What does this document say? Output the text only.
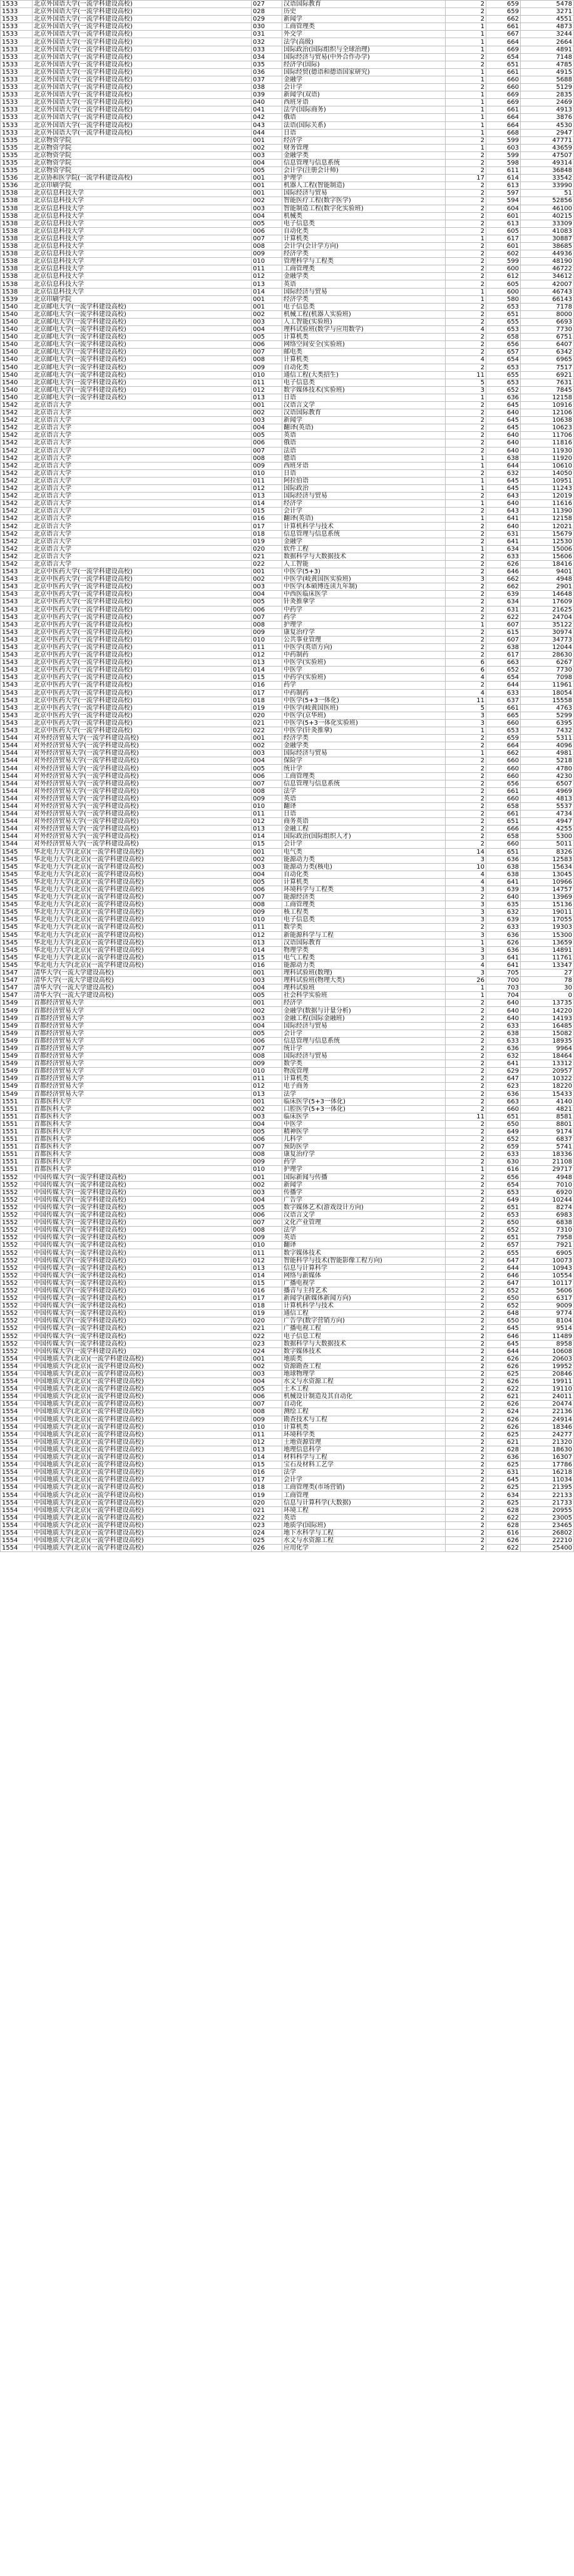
1533	北京外国语大学(一流学科建设高校)	027	汉语国际教育	2	659	5478
1533	北京外国语大学(一流学科建设高校)	028	历史	2	659	3271
1533	北京外国语大学(一流学科建设高校)	029	新闻学	2	662	4551
1533	北京外国语大学(一流学科建设高校)	030	工商管理类	1	661	4873
1533	北京外国语大学(一流学科建设高校)	031	外交学	1	667	3244
1533	北京外国语大学(一流学科建设高校)	032	法学(高级)	1	664	2664
1533	北京外国语大学(一流学科建设高校)	033	国际政治(国际组织与全球治理)	1	669	4891
1533	北京外国语大学(一流学科建设高校)	034	国际经济与贸易(中外合作办学)	2	654	7148
1533	北京外国语大学(一流学科建设高校)	035	经济学(国际)	2	651	4785
1533	北京外国语大学(一流学科建设高校)	036	国际经贸(德语和德语国家研究)	1	661	4915
1533	北京外国语大学(一流学科建设高校)	037	金融学	1	660	5688
1533	北京外国语大学(一流学科建设高校)	038	会计学	2	660	5129
1533	北京外国语大学(一流学科建设高校)	039	新闻学(双语)	1	669	2835
1533	北京外国语大学(一流学科建设高校)	040	西班牙语	1	669	2469
1533	北京外国语大学(一流学科建设高校)	041	法学(国际商务)	1	661	4913
1533	北京外国语大学(一流学科建设高校)	042	俄语	1	664	3876
1533	北京外国语大学(一流学科建设高校)	043	法语(国际关系)	1	664	4530
1533	北京外国语大学(一流学科建设高校)	044	日语	1	668	2947
1535	北京物资学院	001	经济学	2	599	47771
1535	北京物资学院	002	财务管理	1	603	43659
1535	北京物资学院	003	金融学类	2	599	47507
1535	北京物资学院	004	信息管理与信息系统	2	598	49314
1535	北京物资学院	005	会计学(注册会计师)	2	611	36848
1536	北京协和医学院(一流学科建设高校)	001	护理学	17	614	33542
1536	北京印刷学院	001	机器人工程(智能制造)	2	613	33990
1538	北京信息科技大学	001	国际经济与贸易	2	597	51
1538	北京信息科技大学	002	智能医疗工程(数字医学)	2	594	52856
1538	北京信息科技大学	003	智能制造工程(数字化实验班)	2	604	46100
1538	北京信息科技大学	004	机械类	2	601	40215
1538	北京信息科技大学	005	电子信息类	2	613	33309
1538	北京信息科技大学	006	自动化类	2	605	41083
1538	北京信息科技大学	007	计算机类	1	617	30887
1538	北京信息科技大学	008	会计学(会计学方向)	2	601	38685
1538	北京信息科技大学	009	经济学类	2	602	44936
1538	北京信息科技大学	010	管理科学与工程类	2	599	48190
1538	北京信息科技大学	011	工商管理类	2	600	46722
1538	北京信息科技大学	012	金融学类	2	612	34612
1538	北京信息科技大学	013	英语	2	605	42007
1538	北京信息科技大学	014	国际经济与贸易	1	600	46743
1539	北京印刷学院	001	经济学类	1	580	66143
1540	北京邮电大学(一流学科建设高校)	001	电子信息类	2	653	7178
1540	北京邮电大学(一流学科建设高校)	002	机械工程(机器人实验班)	2	651	8000
1540	北京邮电大学(一流学科建设高校)	003	人工智能(实验班)	2	655	6693
1540	北京邮电大学(一流学科建设高校)	004	理科试验班(数学与应用数学)	4	653	7730
1540	北京邮电大学(一流学科建设高校)	005	计算机类	2	658	6751
1540	北京邮电大学(一流学科建设高校)	006	网络空间安全(实验班)	2	656	6407
1540	北京邮电大学(一流学科建设高校)	007	邮电类	2	657	6342
1540	北京邮电大学(一流学科建设高校)	008	计算机类	4	654	6965
1540	北京邮电大学(一流学科建设高校)	009	自动化类	2	653	7517
1540	北京邮电大学(一流学科建设高校)	010	通信工程(大类招生)	11	655	6921
1540	北京邮电大学(一流学科建设高校)	011	电子信息类	5	653	7631
1540	北京邮电大学(一流学科建设高校)	012	数字媒体技术(实验班)	3	652	7845
1540	北京邮电大学(一流学科建设高校)	013	日语	1	636	12158
1542	北京语言大学	001	汉语言文学	2	645	10916
1542	北京语言大学	002	汉语国际教育	2	640	12106
1542	北京语言大学	003	新闻学	2	645	10638
1542	北京语言大学	004	翻译(英语)	2	645	10623
1542	北京语言大学	005	英语	2	640	11706
1542	北京语言大学	006	俄语	2	640	11816
1542	北京语言大学	007	法语	2	640	11930
1542	北京语言大学	008	德语	1	638	11920
1542	北京语言大学	009	西班牙语	1	644	10610
1542	北京语言大学	010	日语	2	632	14050
1542	北京语言大学	011	阿拉伯语	1	645	10951
1542	北京语言大学	012	国际政治	1	645	11243
1542	北京语言大学	013	国际经济与贸易	2	643	12019
1542	北京语言大学	014	经济学	1	640	11616
1542	北京语言大学	015	会计学	2	643	11390
1542	北京语言大学	016	翻译(英语)	1	641	12158
1542	北京语言大学	017	计算机科学与技术	2	640	12021
1542	北京语言大学	018	信息管理与信息系统	2	631	15679
1542	北京语言大学	019	金融学	2	641	12530
1542	北京语言大学	020	软件工程	1	634	15006
1542	北京语言大学	021	数据科学与大数据技术	2	633	15606
1542	北京语言大学	022	人工智能	2	626	18416
1543	北京中医药大学(一流学科建设高校)	001	中医学(5+3)	2	646	9401
1543	北京中医药大学(一流学科建设高校)	002	中医学(岐黄国医实验班)	3	662	4948
1543	北京中医药大学(一流学科建设高校)	003	中医学(本硕博连读九年制)	2	662	2901
1543	北京中医药大学(一流学科建设高校)	004	中西医临床医学	2	639	14648
1543	北京中医药大学(一流学科建设高校)	005	针灸推拿学	2	634	17609
1543	北京中医药大学(一流学科建设高校)	006	中药学	2	631	21625
1543	北京中医药大学(一流学科建设高校)	007	药学	2	622	24704
1543	北京中医药大学(一流学科建设高校)	008	护理学	1	607	35122
1543	北京中医药大学(一流学科建设高校)	009	康复治疗学	2	615	30974
1543	北京中医药大学(一流学科建设高校)	010	公共事业管理	2	607	34773
1543	北京中医药大学(一流学科建设高校)	011	中医学(英语方向)	2	638	12044
1543	北京中医药大学(一流学科建设高校)	012	中药制药	2	617	28630
1543	北京中医药大学(一流学科建设高校)	013	中医学(实验班)	6	663	6267
1543	北京中医药大学(一流学科建设高校)	014	中医学	6	652	7730
1543	北京中医药大学(一流学科建设高校)	015	中药学(实验班)	4	654	7098
1543	北京中医药大学(一流学科建设高校)	016	药学	2	644	11961
1543	北京中医药大学(一流学科建设高校)	017	中药制药	4	633	18054
1543	北京中医药大学(一流学科建设高校)	018	中医学(5+3一体化)	11	637	15558
1543	北京中医药大学(一流学科建设高校)	019	中医学(岐黄国医班)	5	661	4763
1543	北京中医药大学(一流学科建设高校)	020	中医学(京华班)	3	665	5299
1543	北京中医药大学(一流学科建设高校)	021	中医学(5+3一体化实验班)	3	660	6395
1543	北京中医药大学(一流学科建设高校)	022	中医学(针灸推拿)	1	653	7432
1544	对外经济贸易大学(一流学科建设高校)	001	经济学类	2	659	5311
1544	对外经济贸易大学(一流学科建设高校)	002	金融学类	2	664	4096
1544	对外经济贸易大学(一流学科建设高校)	003	国际经济与贸易	1	662	4981
1544	对外经济贸易大学(一流学科建设高校)	004	保险学	2	660	5218
1544	对外经济贸易大学(一流学科建设高校)	005	统计学	2	660	4780
1544	对外经济贸易大学(一流学科建设高校)	006	工商管理类	2	660	4230
1544	对外经济贸易大学(一流学科建设高校)	007	信息管理与信息系统	2	656	6507
1544	对外经济贸易大学(一流学科建设高校)	008	法学	2	661	4969
1544	对外经济贸易大学(一流学科建设高校)	009	英语	2	660	4813
1544	对外经济贸易大学(一流学科建设高校)	010	翻译	2	658	5537
1544	对外经济贸易大学(一流学科建设高校)	011	日语	2	661	4734
1544	对外经济贸易大学(一流学科建设高校)	012	商务英语	2	651	4947
1544	对外经济贸易大学(一流学科建设高校)	013	金融工程	2	666	4255
1544	对外经济贸易大学(一流学科建设高校)	014	国际政治(国际组织人才)	2	658	5300
1544	对外经济贸易大学(一流学科建设高校)	015	会计学	2	660	5011
1545	华北电力大学(北京)(一流学科建设高校)	001	电气类	14	651	8326
1545	华北电力大学(北京)(一流学科建设高校)	002	能源动力类	3	636	12583
1545	华北电力大学(北京)(一流学科建设高校)	003	能源动力类(核电)	10	638	15634
1545	华北电力大学(北京)(一流学科建设高校)	004	自动化类	4	638	13045
1545	华北电力大学(北京)(一流学科建设高校)	005	计算机类	4	641	10966
1545	华北电力大学(北京)(一流学科建设高校)	006	环境科学与工程类	3	639	14757
1545	华北电力大学(北京)(一流学科建设高校)	007	能源经济类	2	640	13969
1545	华北电力大学(北京)(一流学科建设高校)	008	工商管理类	3	635	15136
1545	华北电力大学(北京)(一流学科建设高校)	009	核工程类	3	632	19011
1545	华北电力大学(北京)(一流学科建设高校)	010	电子信息类	3	639	17055
1545	华北电力大学(北京)(一流学科建设高校)	011	数学类	2	633	19303
1545	华北电力大学(北京)(一流学科建设高校)	012	新能源科学与工程	3	636	15300
1545	华北电力大学(北京)(一流学科建设高校)	013	汉语国际教育	1	626	13659
1545	华北电力大学(北京)(一流学科建设高校)	014	物理学类	3	636	14891
1545	华北电力大学(北京)(一流学科建设高校)	015	电气工程类	3	641	11761
1545	华北电力大学(北京)(一流学科建设高校)	016	能源动力类	4	641	13347
1547	清华大学(一流大学建设高校)	001	理科试验班(数理)	3	705	27
1547	清华大学(一流大学建设高校)	003	理科试验班(物理大类)	26	700	78
1547	清华大学(一流大学建设高校)	004	理科试验班	1	703	30
1547	清华大学(一流大学建设高校)	005	社会科学实验班	1	704	0
1549	首都经济贸易大学	001	经济学	2	640	13735
1549	首都经济贸易大学	002	金融学(数据与计量分析)	2	640	14220
1549	首都经济贸易大学	003	金融工程(国际金融班)	2	640	14193
1549	首都经济贸易大学	004	国际经济与贸易	2	633	16485
1549	首都经济贸易大学	005	会计学	2	638	15082
1549	首都经济贸易大学	006	信息管理与信息系统	2	633	18935
1549	首都经济贸易大学	007	统计学	2	636	9964
1549	首都经济贸易大学	008	国际经济与贸易	2	632	18464
1549	首都经济贸易大学	009	数学类	2	641	13312
1549	首都经济贸易大学	010	物流管理	2	629	20957
1549	首都经济贸易大学	011	计算机类	2	647	10322
1549	首都经济贸易大学	012	电子商务	2	623	18220
1549	首都经济贸易大学	013	法学	2	636	15433
1551	首都医科大学	001	临床医学(5+3一体化)	2	663	4140
1551	首都医科大学	002	口腔医学(5+3一体化)	2	660	4821
1551	首都医科大学	003	临床医学	11	651	8581
1551	首都医科大学	004	中医学	2	650	8801
1551	首都医科大学	005	精神医学	2	649	9174
1551	首都医科大学	006	儿科学	2	652	6837
1551	首都医科大学	007	预防医学	2	659	5741
1551	首都医科大学	008	康复治疗学	2	633	18336
1551	首都医科大学	009	药学	2	630	21108
1551	首都医科大学	010	护理学	1	616	29717
1552	中国传媒大学(一流学科建设高校)	001	国际新闻与传播	2	656	4948
1552	中国传媒大学(一流学科建设高校)	002	新闻学	2	654	7010
1552	中国传媒大学(一流学科建设高校)	003	传播学	2	653	6920
1552	中国传媒大学(一流学科建设高校)	004	广告学	2	649	10244
1552	中国传媒大学(一流学科建设高校)	005	数字媒体艺术(游戏设计方向)	2	651	8274
1552	中国传媒大学(一流学科建设高校)	006	汉语言文学	2	653	6983
1552	中国传媒大学(一流学科建设高校)	007	文化产业管理	2	650	6838
1552	中国传媒大学(一流学科建设高校)	008	法学	2	652	7310
1552	中国传媒大学(一流学科建设高校)	009	英语	2	651	7958
1552	中国传媒大学(一流学科建设高校)	010	翻译	2	657	7921
1552	中国传媒大学(一流学科建设高校)	011	数字媒体技术	2	655	6905
1552	中国传媒大学(一流学科建设高校)	012	智能科学与技术(智能影像工程方向)	2	647	10073
1552	中国传媒大学(一流学科建设高校)	013	信息与计算科学	2	644	10943
1552	中国传媒大学(一流学科建设高校)	014	网络与新媒体	2	646	10554
1552	中国传媒大学(一流学科建设高校)	015	广播电视学	2	647	10117
1552	中国传媒大学(一流学科建设高校)	016	播音与主持艺术	2	652	5606
1552	中国传媒大学(一流学科建设高校)	017	新闻学(新媒体新闻方向)	2	650	6317
1552	中国传媒大学(一流学科建设高校)	018	计算机科学与技术	2	652	9009
1552	中国传媒大学(一流学科建设高校)	019	通信工程	2	648	9774
1552	中国传媒大学(一流学科建设高校)	020	广告学(数字营销方向)	2	650	8104
1552	中国传媒大学(一流学科建设高校)	021	广播电视工程	2	645	9514
1552	中国传媒大学(一流学科建设高校)	022	电子信息工程	2	646	11489
1552	中国传媒大学(一流学科建设高校)	023	数据科学与大数据技术	2	645	8958
1552	中国传媒大学(一流学科建设高校)	024	数字媒体技术	2	644	10608
1554	中国地质大学(北京)(一流学科建设高校)	001	地质类	2	626	20603
1554	中国地质大学(北京)(一流学科建设高校)	002	资源勘查工程	2	626	19952
1554	中国地质大学(北京)(一流学科建设高校)	003	地球物理学	2	625	20846
1554	中国地质大学(北京)(一流学科建设高校)	004	水文与水资源工程	2	626	19911
1554	中国地质大学(北京)(一流学科建设高校)	005	土木工程	2	622	19110
1554	中国地质大学(北京)(一流学科建设高校)	006	机械设计制造及其自动化	2	621	24011
1554	中国地质大学(北京)(一流学科建设高校)	007	自动化	2	626	20474
1554	中国地质大学(北京)(一流学科建设高校)	008	测绘工程	2	624	22136
1554	中国地质大学(北京)(一流学科建设高校)	009	勘查技术与工程	2	626	24914
1554	中国地质大学(北京)(一流学科建设高校)	010	计算机类	2	626	18346
1554	中国地质大学(北京)(一流学科建设高校)	011	环境科学类	2	625	24277
1554	中国地质大学(北京)(一流学科建设高校)	012	土地资源管理	2	621	21320
1554	中国地质大学(北京)(一流学科建设高校)	013	地理信息科学	2	628	18630
1554	中国地质大学(北京)(一流学科建设高校)	014	材料科学与工程	2	636	16307
1554	中国地质大学(北京)(一流学科建设高校)	015	宝石及材料工艺学	2	625	17786
1554	中国地质大学(北京)(一流学科建设高校)	016	法学	2	631	16218
1554	中国地质大学(北京)(一流学科建设高校)	017	会计学	2	645	11034
1554	中国地质大学(北京)(一流学科建设高校)	018	工商管理类(市场营销)	2	625	21395
1554	中国地质大学(北京)(一流学科建设高校)	019	工商管理	2	634	22133
1554	中国地质大学(北京)(一流学科建设高校)	020	信息与计算科学(大数据)	2	625	21733
1554	中国地质大学(北京)(一流学科建设高校)	021	环境工程	2	628	20955
1554	中国地质大学(北京)(一流学科建设高校)	022	英语	2	622	23005
1554	中国地质大学(北京)(一流学科建设高校)	023	地质学(国际班)	2	628	23465
1554	中国地质大学(北京)(一流学科建设高校)	024	地下水科学与工程	2	616	26802
1554	中国地质大学(北京)(一流学科建设高校)	025	水文与水资源工程	2	626	22210
1554	中国地质大学(北京)(一流学科建设高校)	026	应用化学	2	622	25400
